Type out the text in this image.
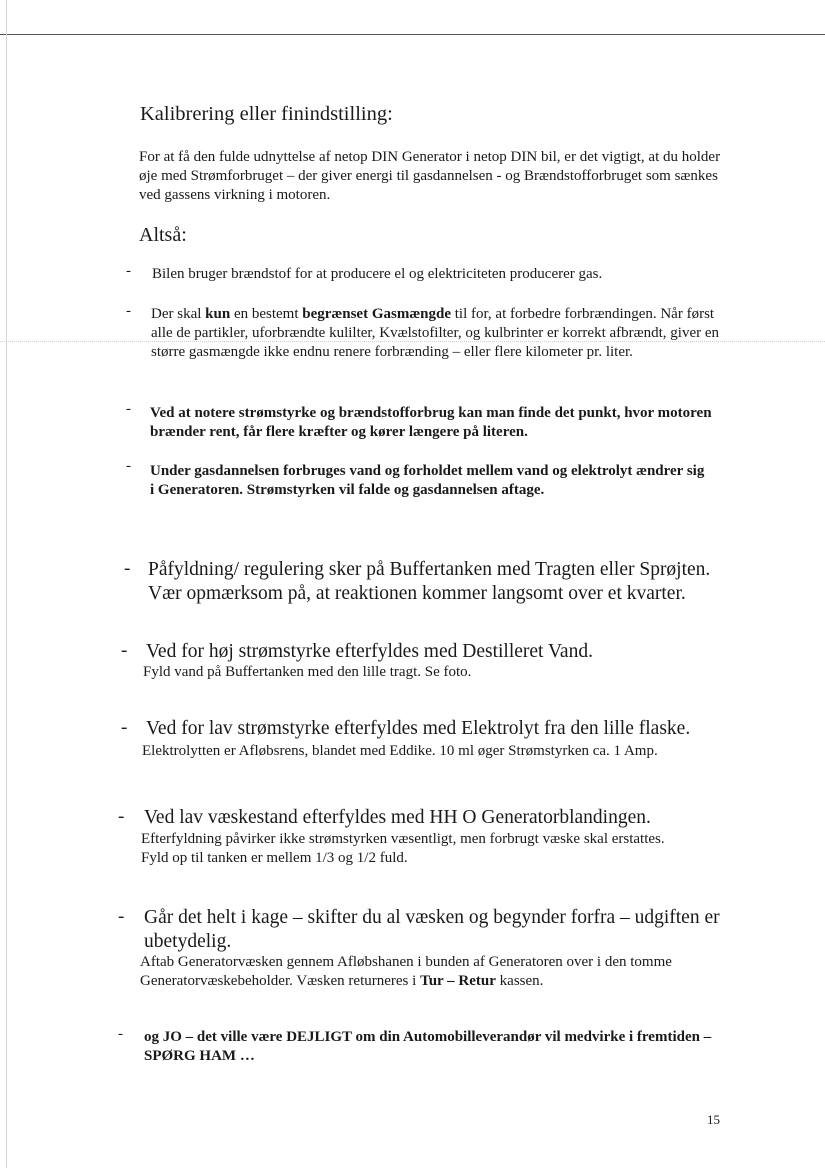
Kalibrering eller finindstilling:
For at få den fulde udnyttelse af netop DIN Generator i netop DIN bil, er det vigtigt, at du holder øje med Strømforbruget – der giver energi til gasdannelsen - og Brændstofforbruget som sænkes ved gassens virkning i motoren.
Altså:
- Bilen bruger brændstof for at producere el og elektriciteten producerer gas.
- Der skal kun en bestemt begrænset Gasmængde til for, at forbedre forbrændingen. Når først alle de partikler, uforbrændte kulilter, Kvælstofilter, og kulbrinter er korrekt afbrændt, giver en større gasmængde ikke endnu renere forbrænding – eller flere kilometer pr. liter.
- Ved at notere strømstyrke og brændstofforbrug kan man finde det punkt, hvor motoren brænder rent, får flere kræfter og kører længere på literen.
- Under gasdannelsen forbruges vand og forholdet mellem vand og elektrolyt ændrer sig i Generatoren. Strømstyrken vil falde og gasdannelsen aftage.
- Påfyldning/ regulering sker på Buffertanken med Tragten eller Sprøjten. Vær opmærksom på, at reaktionen kommer langsomt over et kvarter.
- Ved for høj strømstyrke efterfyldes med Destilleret Vand.
Fyld vand på Buffertanken med den lille tragt. Se foto.
- Ved for lav strømstyrke efterfyldes med Elektrolyt fra den lille flaske.
Elektrolytten er Afløbsrens, blandet med Eddike. 10 ml øger Strømstyrken ca. 1 Amp.
- Ved lav væskestand efterfyldes med HH O Generatorblandingen.
Efterfyldning påvirker ikke strømstyrken væsentligt, men forbrugt væske skal erstattes. Fyld op til tanken er mellem 1/3 og 1/2 fuld.
- Går det helt i kage – skifter du al væsken og begynder forfra – udgiften er ubetydelig.
Aftab Generatorvæsken gennem Afløbshanen i bunden af Generatoren over i den tomme Generatorvæskebeholder. Væsken returneres i Tur – Retur kassen.
- og JO – det ville være DEJLIGT om din Automobilleverandør vil medvirke i fremtiden – SPØRG HAM …
15
